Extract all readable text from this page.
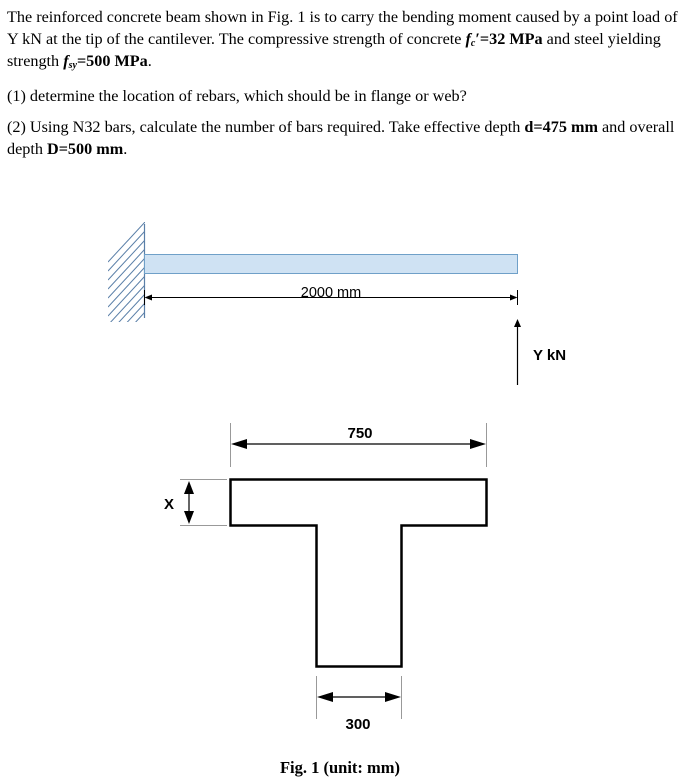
The reinforced concrete beam shown in Fig. 1 is to carry the bending moment caused by a point load of Y kN at the tip of the cantilever. The compressive strength of concrete $f_c'=32$ MPa and steel yielding strength $f_{sy}=500$ MPa.

(1) determine the location of rebars, which should be in flange or web?

(2) Using N32 bars, calculate the number of bars required. Take effective depth d=475 mm and overall depth D=500 mm.

2000 mm
Y kN
750
X
300
Fig. 1 (unit: mm)
